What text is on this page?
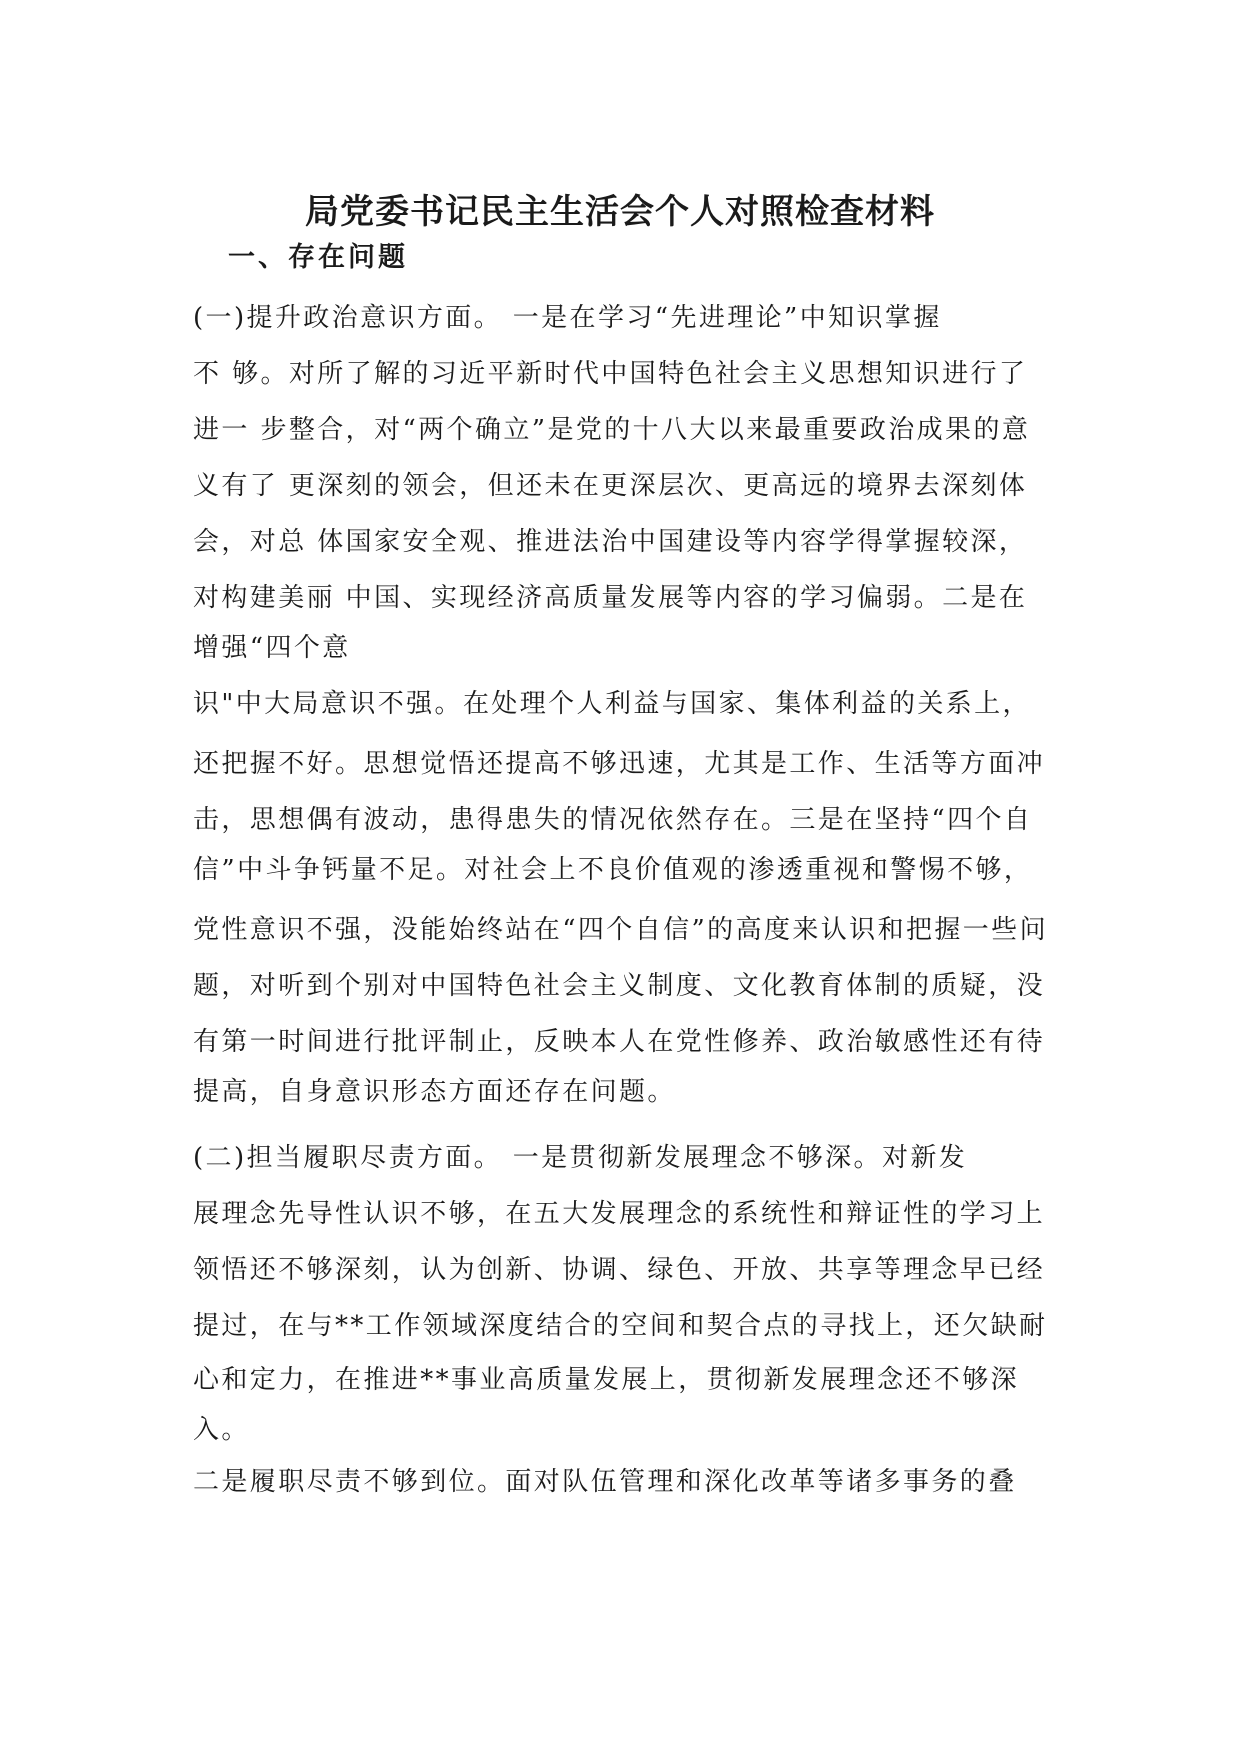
局党委书记民主生活会个人对照检查材料
一、存在问题
(一)提升政治意识方面。 一是在学习“先进理论”中知识掌握
不 够。对所了解的习近平新时代中国特色社会主义思想知识进行了
进一 步整合，对“两个确立”是党的十八大以来最重要政治成果的意
义有了 更深刻的领会，但还未在更深层次、更高远的境界去深刻体
会，对总 体国家安全观、推进法治中国建设等内容学得掌握较深，
对构建美丽 中国、实现经济高质量发展等内容的学习偏弱。二是在
增强“四个意
识"中大局意识不强。在处理个人利益与国家、集体利益的关系上，
还把握不好。思想觉悟还提高不够迅速，尤其是工作、生活等方面冲
击，思想偶有波动，患得患失的情况依然存在。三是在坚持“四个自
信”中斗争钙量不足。对社会上不良价值观的渗透重视和警惕不够，
党性意识不强，没能始终站在“四个自信”的高度来认识和把握一些问
题，对听到个别对中国特色社会主义制度、文化教育体制的质疑，没
有第一时间进行批评制止，反映本人在党性修养、政治敏感性还有待
提高，自身意识形态方面还存在问题。
(二)担当履职尽责方面。 一是贯彻新发展理念不够深。对新发
展理念先导性认识不够，在五大发展理念的系统性和辩证性的学习上
领悟还不够深刻，认为创新、协调、绿色、开放、共享等理念早已经
提过，在与**工作领域深度结合的空间和契合点的寻找上，还欠缺耐
心和定力，在推进**事业高质量发展上，贯彻新发展理念还不够深
入。
二是履职尽责不够到位。面对队伍管理和深化改革等诸多事务的叠
